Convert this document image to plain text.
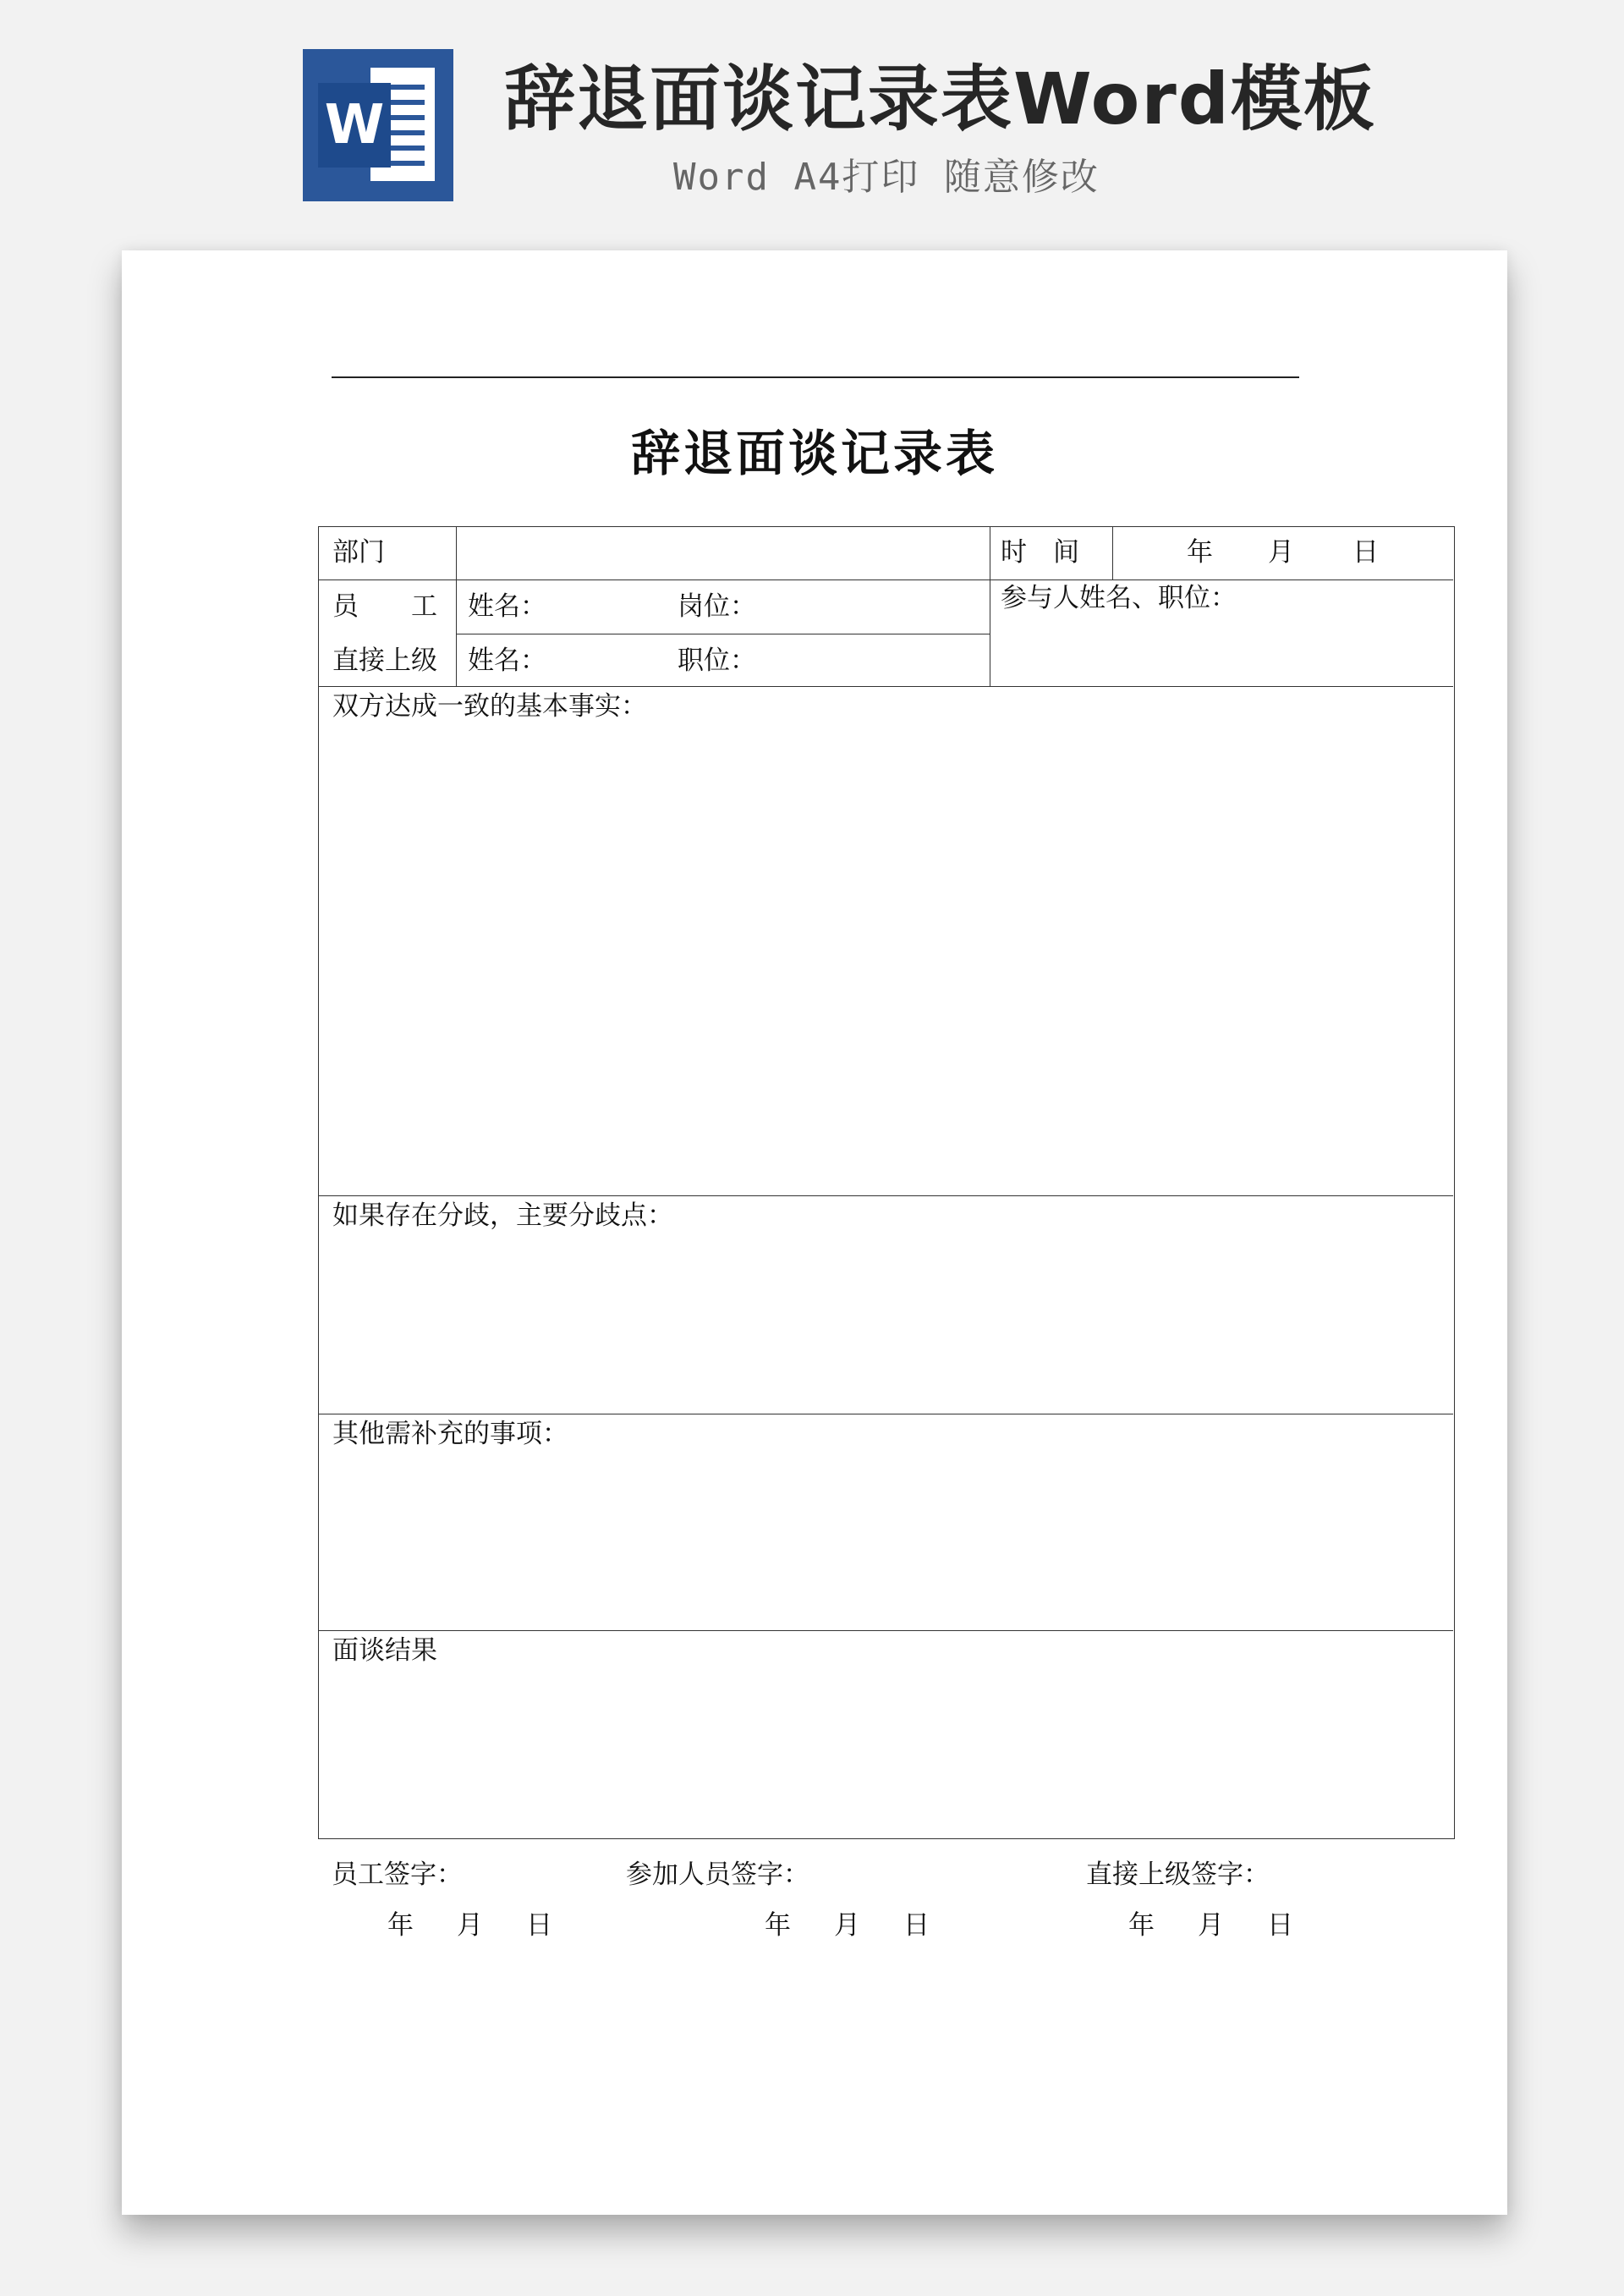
W 辞退面谈记录表Word模板
Word A4打印 随意修改
辞退面谈记录表
部门	时　间	年 月 日
员　　工 姓名：	岗位：	参与人姓名、职位：
直接上级 姓名：	职位：
双方达成一致的基本事实：
如果存在分歧，主要分歧点：
其他需补充的事项：
面谈结果
员工签字：	参加人员签字：	直接上级签字：
年 月 日	年 月 日	年 月 日
